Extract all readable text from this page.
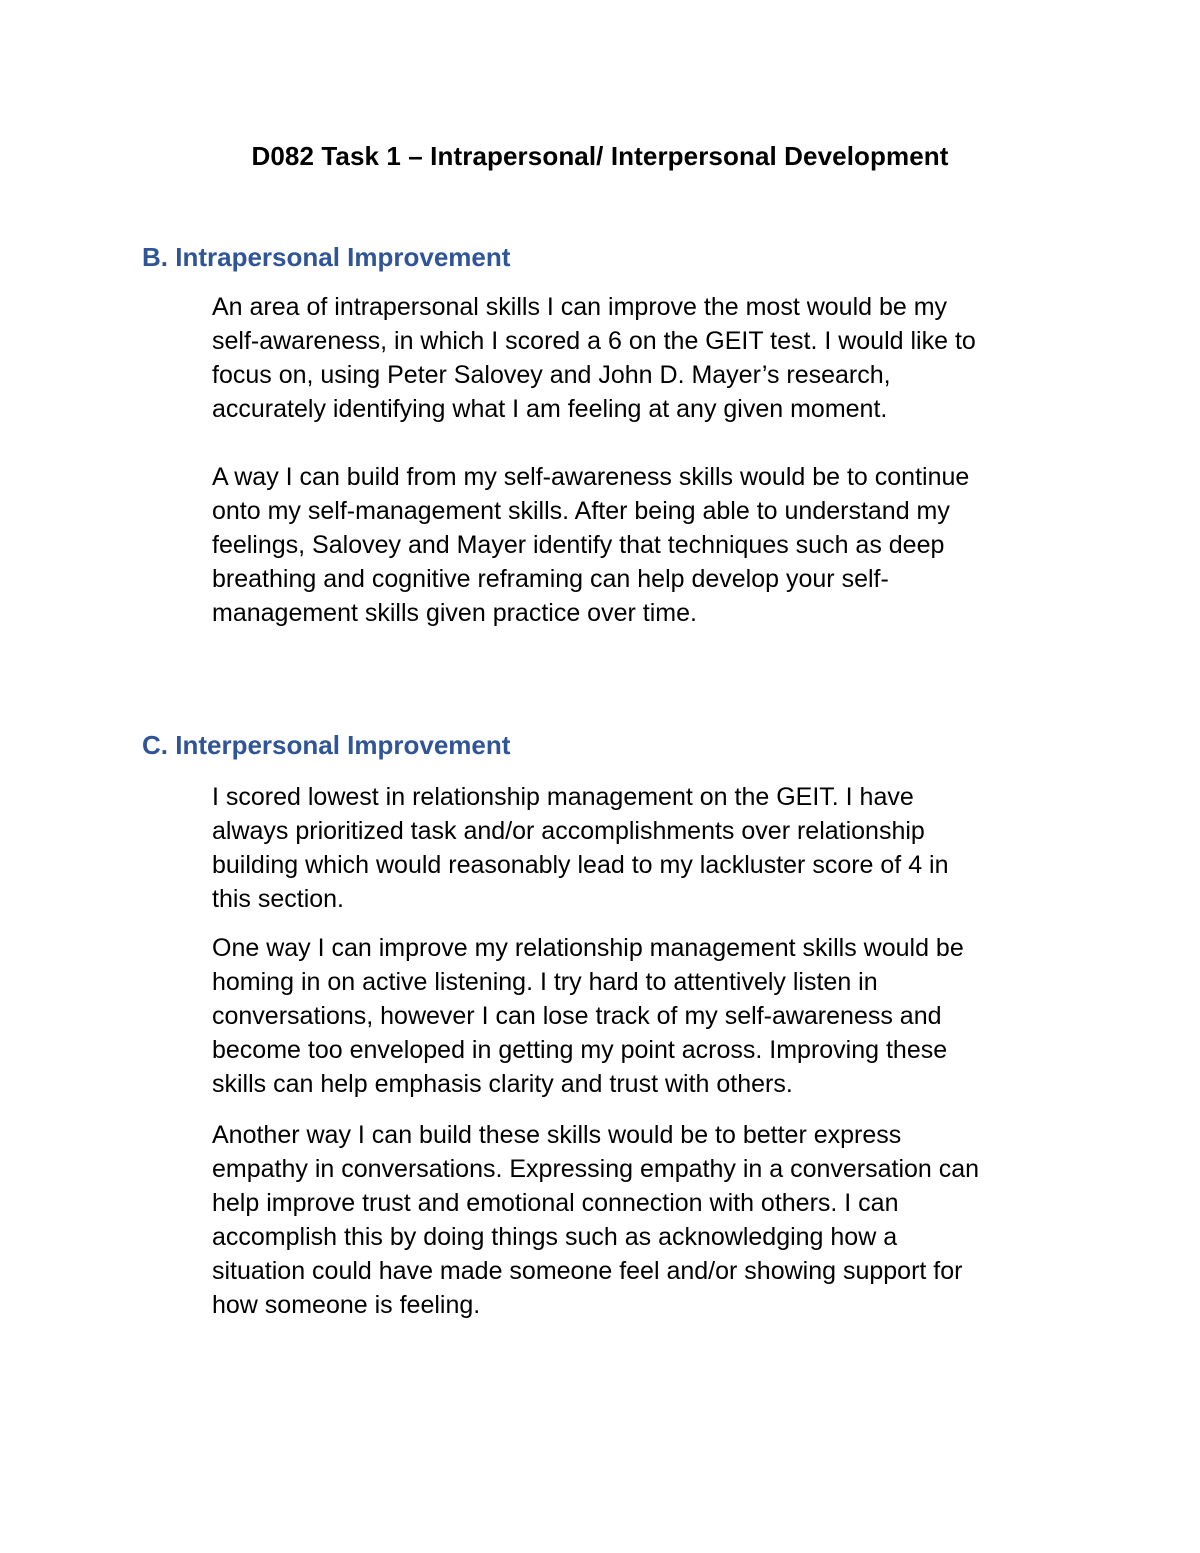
D082 Task 1 – Intrapersonal/ Interpersonal Development
B. Intrapersonal Improvement

An area of intrapersonal skills I can improve the most would be my
self-awareness, in which I scored a 6 on the GEIT test. I would like to
focus on, using Peter Salovey and John D. Mayer’s research,
accurately identifying what I am feeling at any given moment.

A way I can build from my self-awareness skills would be to continue
onto my self-management skills. After being able to understand my
feelings, Salovey and Mayer identify that techniques such as deep
breathing and cognitive reframing can help develop your self-
management skills given practice over time.

C. Interpersonal Improvement

I scored lowest in relationship management on the GEIT. I have
always prioritized task and/or accomplishments over relationship
building which would reasonably lead to my lackluster score of 4 in
this section.

One way I can improve my relationship management skills would be
homing in on active listening. I try hard to attentively listen in
conversations, however I can lose track of my self-awareness and
become too enveloped in getting my point across. Improving these
skills can help emphasis clarity and trust with others.

Another way I can build these skills would be to better express
empathy in conversations. Expressing empathy in a conversation can
help improve trust and emotional connection with others. I can
accomplish this by doing things such as acknowledging how a
situation could have made someone feel and/or showing support for
how someone is feeling.
